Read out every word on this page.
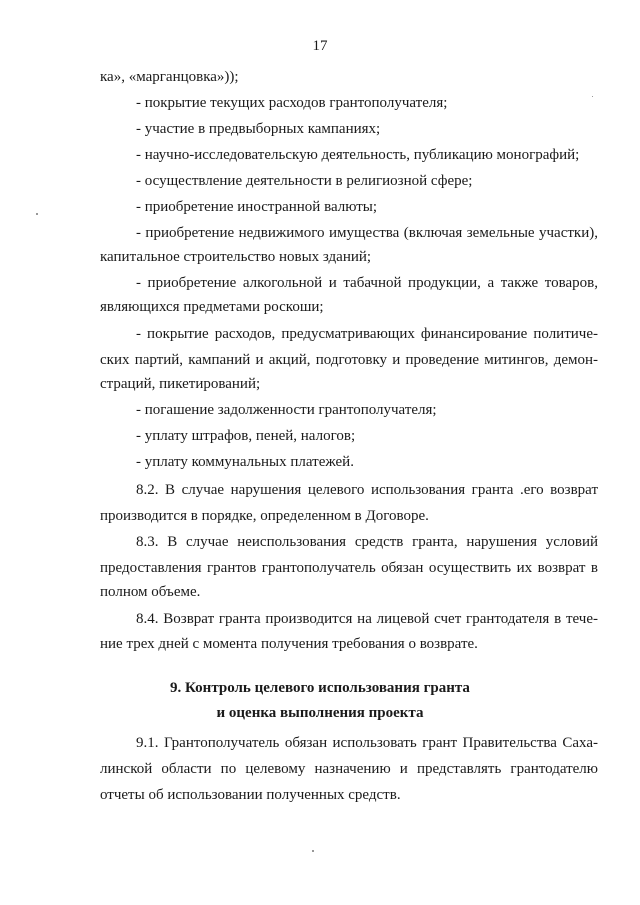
17
ка», «марганцовка»));
- покрытие текущих расходов грантополучателя;
- участие в предвыборных кампаниях;
- научно-исследовательскую деятельность, публикацию монографий;
- осуществление деятельности в религиозной сфере;
- приобретение иностранной валюты;
- приобретение недвижимого имущества (включая земельные участки),
капитальное строительство новых зданий;
- приобретение алкогольной и табачной продукции, а также товаров,
являющихся предметами роскоши;
- покрытие расходов, предусматривающих финансирование политиче-
ских партий, кампаний и акций, подготовку и проведение митингов, демон-
страций, пикетирований;
- погашение задолженности грантополучателя;
- уплату штрафов, пеней, налогов;
- уплату коммунальных платежей.
8.2. В случае нарушения целевого использования гранта .его возврат
производится в порядке, определенном в Договоре.
8.3. В случае неиспользования средств гранта, нарушения условий
предоставления грантов грантополучатель обязан осуществить их возврат в
полном объеме.
8.4. Возврат гранта производится на лицевой счет грантодателя в тече-
ние трех дней с момента получения требования о возврате.
9. Контроль целевого использования гранта
и оценка выполнения проекта
9.1. Грантополучатель обязан использовать грант Правительства Саха-
линской области по целевому назначению и представлять грантодателю
отчеты об использовании полученных средств.
